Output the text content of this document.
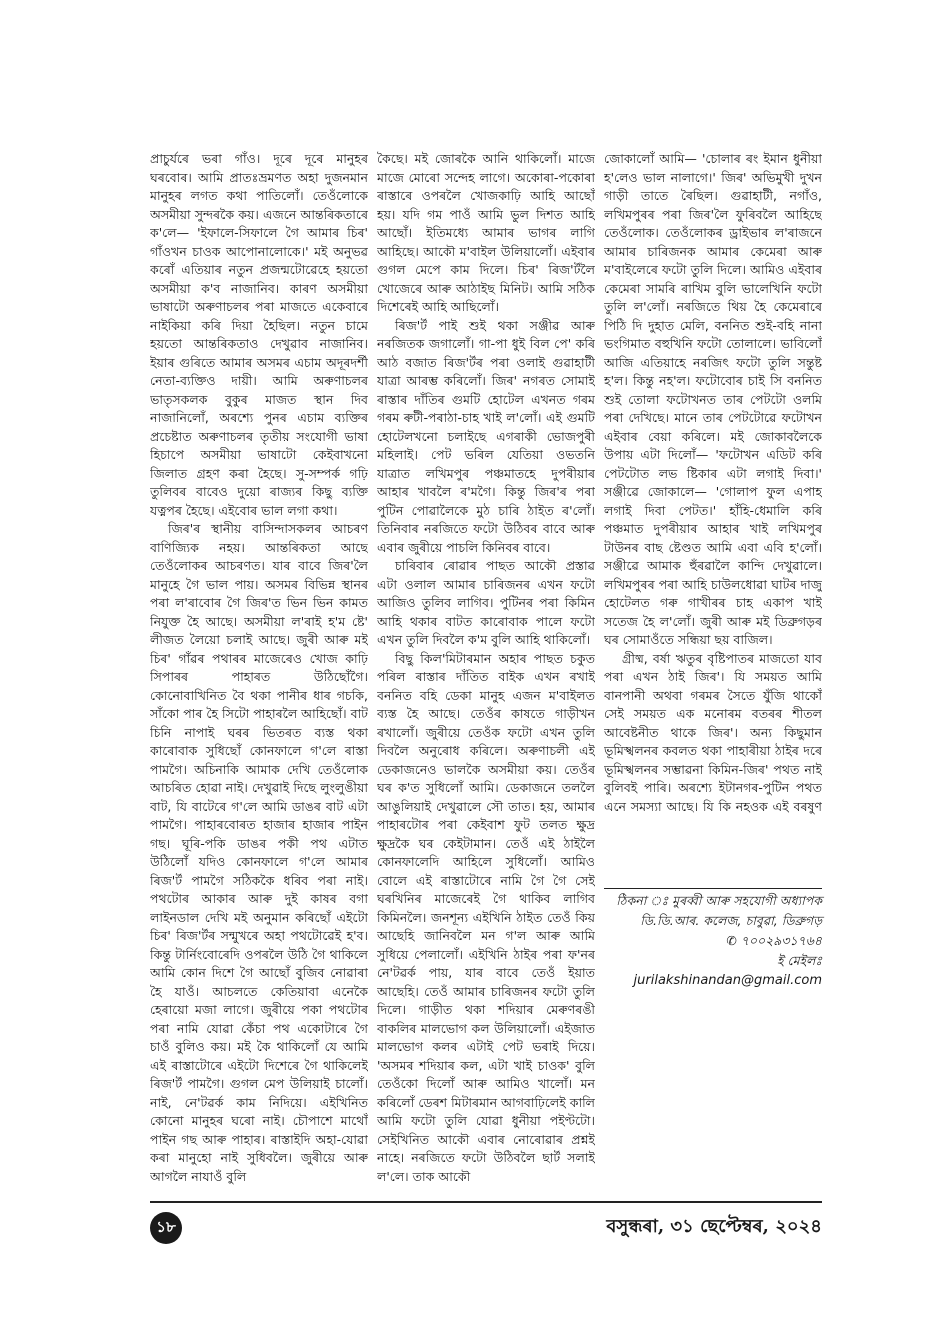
প্ৰাচুৰ্যৰে ভৰা গাঁও। দূৰে দূৰে মানুহৰ ঘৰবোৰ। আমি প্ৰাতঃভ্ৰমণত অহা দুজনমান মানুহৰ লগত কথা পাতিলোঁ। তেওঁলোকে অসমীয়া সুন্দৰকৈ কয়। এজনে আন্তৰিকতাৰে ক'লে— 'ইফালে-সিফালে গৈ আমাৰ চিৰ' গাঁওখন চাওক আপোনালোকে।' মই অনুভৱ কৰোঁ এতিয়াৰ নতুন প্ৰজন্মটোৱেহে হয়তো অসমীয়া ক'ব নাজানিব। কাৰণ অসমীয়া ভাষাটো অৰুণাচলৰ পৰা মাজতে একেবাৰে নাইকিয়া কৰি দিয়া হৈছিল। নতুন চামে হয়তো আন্তৰিকতাও দেখুৱাব নাজানিব। ইয়াৰ গুৰিতে আমাৰ অসমৰ এচাম অদূৰদৰ্শী নেতা-ব্যক্তিও দায়ী। আমি অৰুণাচলৰ ভাতৃসকলক বুকুৰ মাজত স্থান দিব নাজানিলোঁ, অৰশ্যে পুনৰ এচাম ব্যক্তিৰ প্ৰচেষ্টাত অৰুণাচলৰ তৃতীয় সংযোগী ভাষা হিচাপে অসমীয়া ভাষাটো কেইবাখনো জিলাত গ্ৰহণ কৰা হৈছে। সু-সম্পৰ্ক গঢ়ি তুলিবৰ বাবেও দুয়ো ৰাজ্যৰ কিছু ব্যক্তি যত্নপৰ হৈছে। এইবোৰ ভাল লগা কথা।

জিৰ'ৰ স্থানীয় বাসিন্দাসকলৰ আচৰণ বাণিজ্যিক নহয়। আন্তৰিকতা আছে তেওঁলোকৰ আচৰণত। যাৰ বাবে জিৰ'লৈ মানুহে গৈ ভাল পায়। অসমৰ বিভিন্ন স্থানৰ পৰা ল'ৰাবোৰ গৈ জিৰ'ত ভিন ভিন কামত নিযুক্ত হৈ আছে। অসমীয়া ল'ৰাই হ'ম ষ্টে' লীজত লৈয়ো চলাই আছে। জুৰী আৰু মই চিৰ' গাঁৱৰ পথাৰৰ মাজেৰেও খোজ কাঢ়ি সিপাৰৰ পাহাৰত উঠিছোঁগৈ। কোনোবাখিনিত বৈ থকা পানীৰ ধাৰ গচকি, সাঁকো পাৰ হৈ সিটো পাহাৰলৈ আহিছোঁ। বাট চিনি নাপাই ঘৰৰ ভিতৰত ব্যস্ত থকা কাৰোবাক সুধিছোঁ কোনফালে গ'লে ৰাস্তা পামগৈ। অচিনাকি আমাক দেখি তেওঁলোক আচৰিত হোৱা নাই। দেখুৱাই দিছে লুংলুঙীয়া বাট, যি বাটেৰে গ'লে আমি ডাঙৰ বাট এটা পামগৈ। পাহাৰবোৰত হাজাৰ হাজাৰ পাইন গছ। ঘূৰি-পকি ডাঙৰ পকী পথ এটাত উঠিলোঁ যদিও কোনফালে গ'লে আমাৰ ৰিজ'ৰ্ট পামগৈ সঠিককৈ ধৰিব পৰা নাই। পথটোৰ আকাৰ আৰু দুই কাষৰ বগা লাইনডাল দেখি মই অনুমান কৰিছোঁ এইটো চিৰ' ৰিজ'ৰ্টৰ সন্মুখৰে অহা পথটোৱেই হ'ব। কিন্তু টাৰ্নিংবোৰেদি ওপৰলৈ উঠি গৈ থাকিলে আমি কোন দিশে গৈ আছোঁ বুজিব নোৱাৰা হৈ যাওঁ। আচলতে কেতিয়াবা এনেকৈ হেৰায়ো মজা লাগে। জুৰীয়ে পকা পথটোৰ পৰা নামি যোৱা কেঁচা পথ একোটাৰে গৈ চাওঁ বুলিও কয়। মই কৈ থাকিলোঁ যে আমি এই ৰাস্তাটোৰে এইটো দিশেৰে গৈ থাকিলেই ৰিজ'ৰ্ট পামগৈ। গুগল মেপ উলিয়াই চালোঁ। নাই, নে'টৱৰ্ক কাম নিদিয়ে। এইখিনিত কোনো মানুহৰ ঘৰো নাই। চৌপাশে মাথোঁ পাইন গছ আৰু পাহাৰ। ৰাস্তাইদি অহা-যোৱা কৰা মানুহো নাই সুধিবলৈ। জুৰীয়ে আৰু আগলৈ নাযাওঁ বুলি

কৈছে। মই জোৰকৈ আনি থাকিলোঁ। মাজে মাজে মোৰো সন্দেহ লাগে। অকোৰা-পকোৰা ৰাস্তাৰে ওপৰলৈ খোজকাঢ়ি আহি আছোঁ হয়। যদি গম পাওঁ আমি ভুল দিশত আহি আছোঁ। ইতিমধ্যে আমাৰ ভাগৰ লাগি আহিছে। আকৌ ম'বাইল উলিয়ালোঁ। এইবাৰ গুগল মেপে কাম দিলে। চিৰ' ৰিজ'ৰ্টলৈ খোজেৰে আৰু আঠাইছ মিনিট। আমি সঠিক দিশেৰেই আহি আছিলোঁ।

ৰিজ'ৰ্ট পাই শুই থকা সঞ্জীৱ আৰু নৰজিতক জগালোঁ। গা-পা ধুই বিল পে' কৰি আঠ বজাত ৰিজ'ৰ্টৰ পৰা ওলাই গুৱাহাটী যাত্ৰা আৰম্ভ কৰিলোঁ। জিৰ' নগৰত সোমাই ৰাস্তাৰ দাঁতিৰ গুমটি হোটেল এখনত গৰম গৰম ৰুটী-পৰাঠা-চাহ খাই ল'লোঁ। এই গুমটি হোটেলখনো চলাইছে এগৰাকী ভোজপুৰী মহিলাই। পেট ভৰিল যেতিয়া ওভতনি যাত্ৰাত লখিমপুৰ পঞ্চমাতহে দুপৰীয়াৰ আহাৰ খাবলৈ ৰ'মগৈ। কিন্তু জিৰ'ৰ পৰা পুটিন পোৱালৈকে মুঠ চাৰি ঠাইত ৰ'লোঁ। তিনিবাৰ নৰজিতে ফটো উঠিবৰ বাবে আৰু এবাৰ জুৰীয়ে পাচলি কিনিবৰ বাবে।

চাৰিবাৰ ৰোৱাৰ পাছত আকৌ প্ৰস্তাৱ এটা ওলাল আমাৰ চাৰিজনৰ এখন ফটো আজিও তুলিব লাগিব। পুটিনৰ পৰা কিমিন আহি থকাৰ বাটত কাৰোবাক পালে ফটো এখন তুলি দিবলৈ ক'ম বুলি আহি থাকিলোঁ।

বিছু কিল'মিটাৰমান অহাৰ পাছত চকুত পৰিল ৰাস্তাৰ দাঁতিত বাইক এখন ৰখাই বননিত বহি ডেকা মানুহ এজন ম'বাইলত ব্যস্ত হৈ আছে। তেওঁৰ কাষতে গাড়ীখন ৰখালোঁ। জুৰীয়ে তেওঁক ফটো এখন তুলি দিবলৈ অনুৰোধ কৰিলে। অৰুণাচলী এই ডেকাজনেও ভালকৈ অসমীয়া কয়। তেওঁৰ ঘৰ ক'ত সুধিলোঁ আমি। ডেকাজনে তললৈ আঙুলিয়াই দেখুৱালে সৌ তাত। হয়, আমাৰ পাহাৰটোৰ পৰা কেইবাশ ফুট তলত ক্ষুদ্ৰ ক্ষুদ্ৰকৈ ঘৰ কেইটামান। তেওঁ এই ঠাইলৈ কোনফালেদি আহিলে সুধিলোঁ। আমিও বোলে এই ৰাস্তাটোৰে নামি গৈ গৈ সেই ঘৰখিনিৰ মাজেৰেই গৈ থাকিব লাগিব কিমিনলৈ। জনশূন্য এইখিনি ঠাইত তেওঁ কিয় আছেহি জানিবলৈ মন গ'ল আৰু আমি সুধিয়ে পেলালোঁ। এইখিনি ঠাইৰ পৰা ফ'নৰ নে'টৱৰ্ক পায়, যাৰ বাবে তেওঁ ইয়াত আছেহি। তেওঁ আমাৰ চাৰিজনৰ ফটো তুলি দিলে। গাড়ীত থকা শদিয়াৰ মেৰুণৰঙী বাকলিৰ মালভোগ কল উলিয়ালোঁ। এইজাত মালভোগ কলৰ এটাই পেট ভৰাই দিয়ে। 'অসমৰ শদিয়াৰ কল, এটা খাই চাওক' বুলি তেওঁকো দিলোঁ আৰু আমিও খালোঁ। মন কৰিলোঁ ডেৰশ মিটাৰমান আগবাঢ়িলেই কালি আমি ফটো তুলি যোৱা ধুনীয়া পইণ্টটো। সেইখিনিত আকৌ এবাৰ নোৰোৱাৰ প্ৰশ্নই নাহে। নৰজিতে ফটো উঠিবলৈ ছাৰ্ট সলাই ল'লে। তাক আকৌ

জোকালোঁ আমি— 'চোলাৰ ৰং ইমান ধুনীয়া হ'লেও ভাল নালাগে।' জিৰ' অভিমুখী দুখন গাড়ী তাতে ৰৈছিল। গুৱাহাটী, নগাঁও, লখিমপুৰৰ পৰা জিৰ'লৈ ফুৰিবলৈ আহিছে তেওঁলোক। তেওঁলোকৰ ড্ৰাইভাৰ ল'ৰাজনে আমাৰ চাৰিজনক আমাৰ কেমেৰা আৰু ম'বাইলেৰে ফটো তুলি দিলে। আমিও এইবাৰ কেমেৰা সামৰি ৰাখিম বুলি ভালেখিনি ফটো তুলি ল'লোঁ। নৰজিতে থিয় হৈ কেমেৰাৰে পিঠি দি দুহাত মেলি, বননিত শুই-বহি নানা ভংগিমাত বহুখিনি ফটো তোলালে। ভাবিলোঁ আজি এতিয়াহে নৰজিৎ ফটো তুলি সন্তুষ্ট হ'ল। কিন্তু নহ'ল। ফটোবোৰ চাই সি বননিত শুই তোলা ফটোখনত তাৰ পেটটো ওলমি পৰা দেখিছে। মানে তাৰ পেটটোৱে ফটোখন এইবাৰ বেয়া কৰিলে। মই জোকাবলৈকে উপায় এটা দিলোঁ— 'ফটোখন এডিট কৰি পেটটোত লভ ষ্টিকাৰ এটা লগাই দিবা।' সঞ্জীৱে জোকালে— 'গোলাপ ফুল এপাহ লগাই দিবা পেটত।' হাঁহি-ধেমালি কৰি পঞ্চমাত দুপৰীয়াৰ আহাৰ খাই লখিমপুৰ টাউনৰ বাছ ষ্টেণ্ডত আমি এবা এবি হ'লোঁ। সঞ্জীৱে আমাক হুঁৰৱালৈ কান্দি দেখুৱালে। লখিমপুৰৰ পৰা আহি চাউলধোৱা ঘাটৰ দাজু হোটেলত গৰু গাখীৰৰ চাহ একাপ খাই সতেজ হৈ ল'লোঁ। জুৰী আৰু মই ডিব্ৰুগড়ৰ ঘৰ সোমাওঁতে সন্ধিয়া ছয় বাজিল।

গ্ৰীষ্ম, বৰ্ষা ঋতুৰ বৃষ্টিপাতৰ মাজতো যাব পৰা এখন ঠাই জিৰ'। যি সময়ত আমি বানপানী অথবা গৰমৰ সৈতে যুঁজি থাকোঁ সেই সময়ত এক মনোৰম বতৰৰ শীতল আবেষ্টনীত থাকে জিৰ'। অন্য কিছুমান ভূমিস্খলনৰ কবলত থকা পাহাৰীয়া ঠাইৰ দৰে ভূমিস্খলনৰ সম্ভাৱনা কিমিন-জিৰ' পথত নাই বুলিবই পাৰি। অৰশ্যে ইটানগৰ-পুটিন পথত এনে সমস্যা আছে। যি কি নহওক এই বৰষুণ

ঠিকনা ঃ মুৰব্বী আৰু সহযোগী অধ্যাপক
ডি.ডি.আৰ. কলেজ, চাবুৱা, ডিব্ৰুগড়
✆ ৭০০২৯৩১৭৬৪
ই মেইলঃ
jurilakshinandan@gmail.com
১৮	বসুন্ধৰা, ৩১ ছেপ্টেম্বৰ, ২০২৪
